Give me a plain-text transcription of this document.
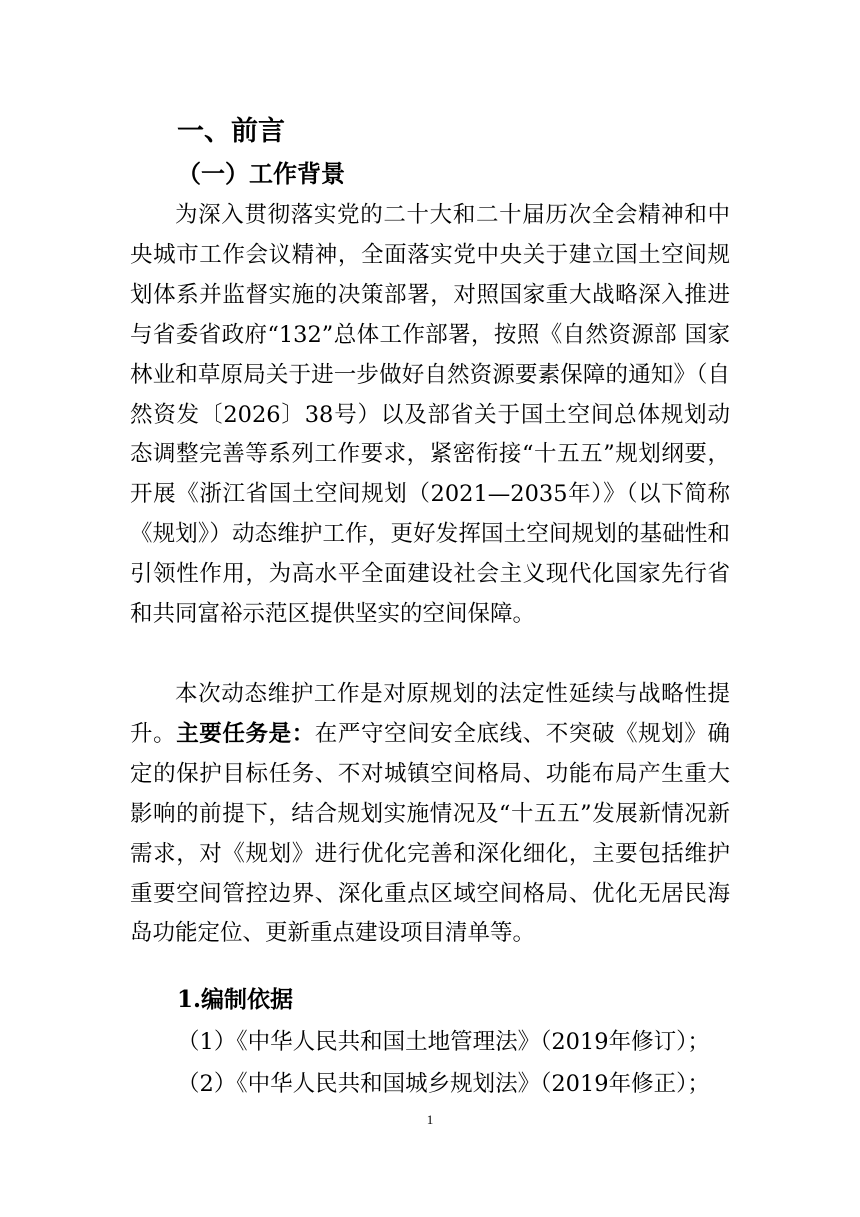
一、前言
（一）工作背景

为深入贯彻落实党的二十大和二十届历次全会精神和中央城市工作会议精神，全面落实党中央关于建立国土空间规划体系并监督实施的决策部署，对照国家重大战略深入推进与省委省政府“132”总体工作部署，按照《自然资源部 国家林业和草原局关于进一步做好自然资源要素保障的通知》（自然资发〔2026〕38号）以及部省关于国土空间总体规划动态调整完善等系列工作要求，紧密衔接“十五五”规划纲要，开展《浙江省国土空间规划（2021—2035年）》（以下简称《规划》）动态维护工作，更好发挥国土空间规划的基础性和引领性作用，为高水平全面建设社会主义现代化国家先行省和共同富裕示范区提供坚实的空间保障。

本次动态维护工作是对原规划的法定性延续与战略性提升。主要任务是：在严守空间安全底线、不突破《规划》确定的保护目标任务、不对城镇空间格局、功能布局产生重大影响的前提下，结合规划实施情况及“十五五”发展新情况新需求，对《规划》进行优化完善和深化细化，主要包括维护重要空间管控边界、深化重点区域空间格局、优化无居民海岛功能定位、更新重点建设项目清单等。

1.编制依据

（1）《中华人民共和国土地管理法》（2019年修订）；

（2）《中华人民共和国城乡规划法》（2019年修正）；

1
